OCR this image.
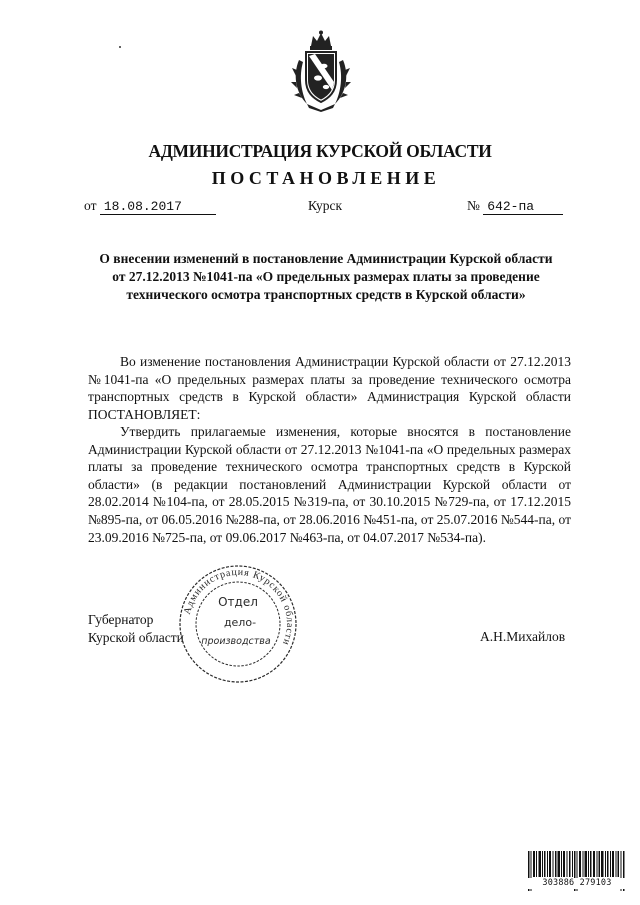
АДМИНИСТРАЦИЯ КУРСКОЙ ОБЛАСТИ
ПОСТАНОВЛЕНИЕ
от 18.08.2017	Курск	№ 642-па
О внесении изменений в постановление Администрации Курской области от 27.12.2013 №1041-па «О предельных размерах платы за проведение технического осмотра транспортных средств в Курской области»
Во изменение постановления Администрации Курской области от 27.12.2013 №1041-па «О предельных размерах платы за проведение технического осмотра транспортных средств в Курской области» Администрация Курской области ПОСТАНОВЛЯЕТ:
Утвердить прилагаемые изменения, которые вносятся в постановление Администрации Курской области от 27.12.2013 №1041-па «О предельных размерах платы за проведение технического осмотра транспортных средств в Курской области» (в редакции постановлений Администрации Курской области от 28.02.2014 №104-па, от 28.05.2015 №319-па, от 30.10.2015 №729-па, от 17.12.2015 №895-па, от 06.05.2016 №288-па, от 28.06.2016 №451-па, от 25.07.2016 №544-па, от 23.09.2016 №725-па, от 09.06.2017 №463-па, от 04.07.2017 №534-па).
Губернатор
Курской области	А.Н.Михайлов
Администрация Курской области
Отдел
дело-
производства
303886 279103
